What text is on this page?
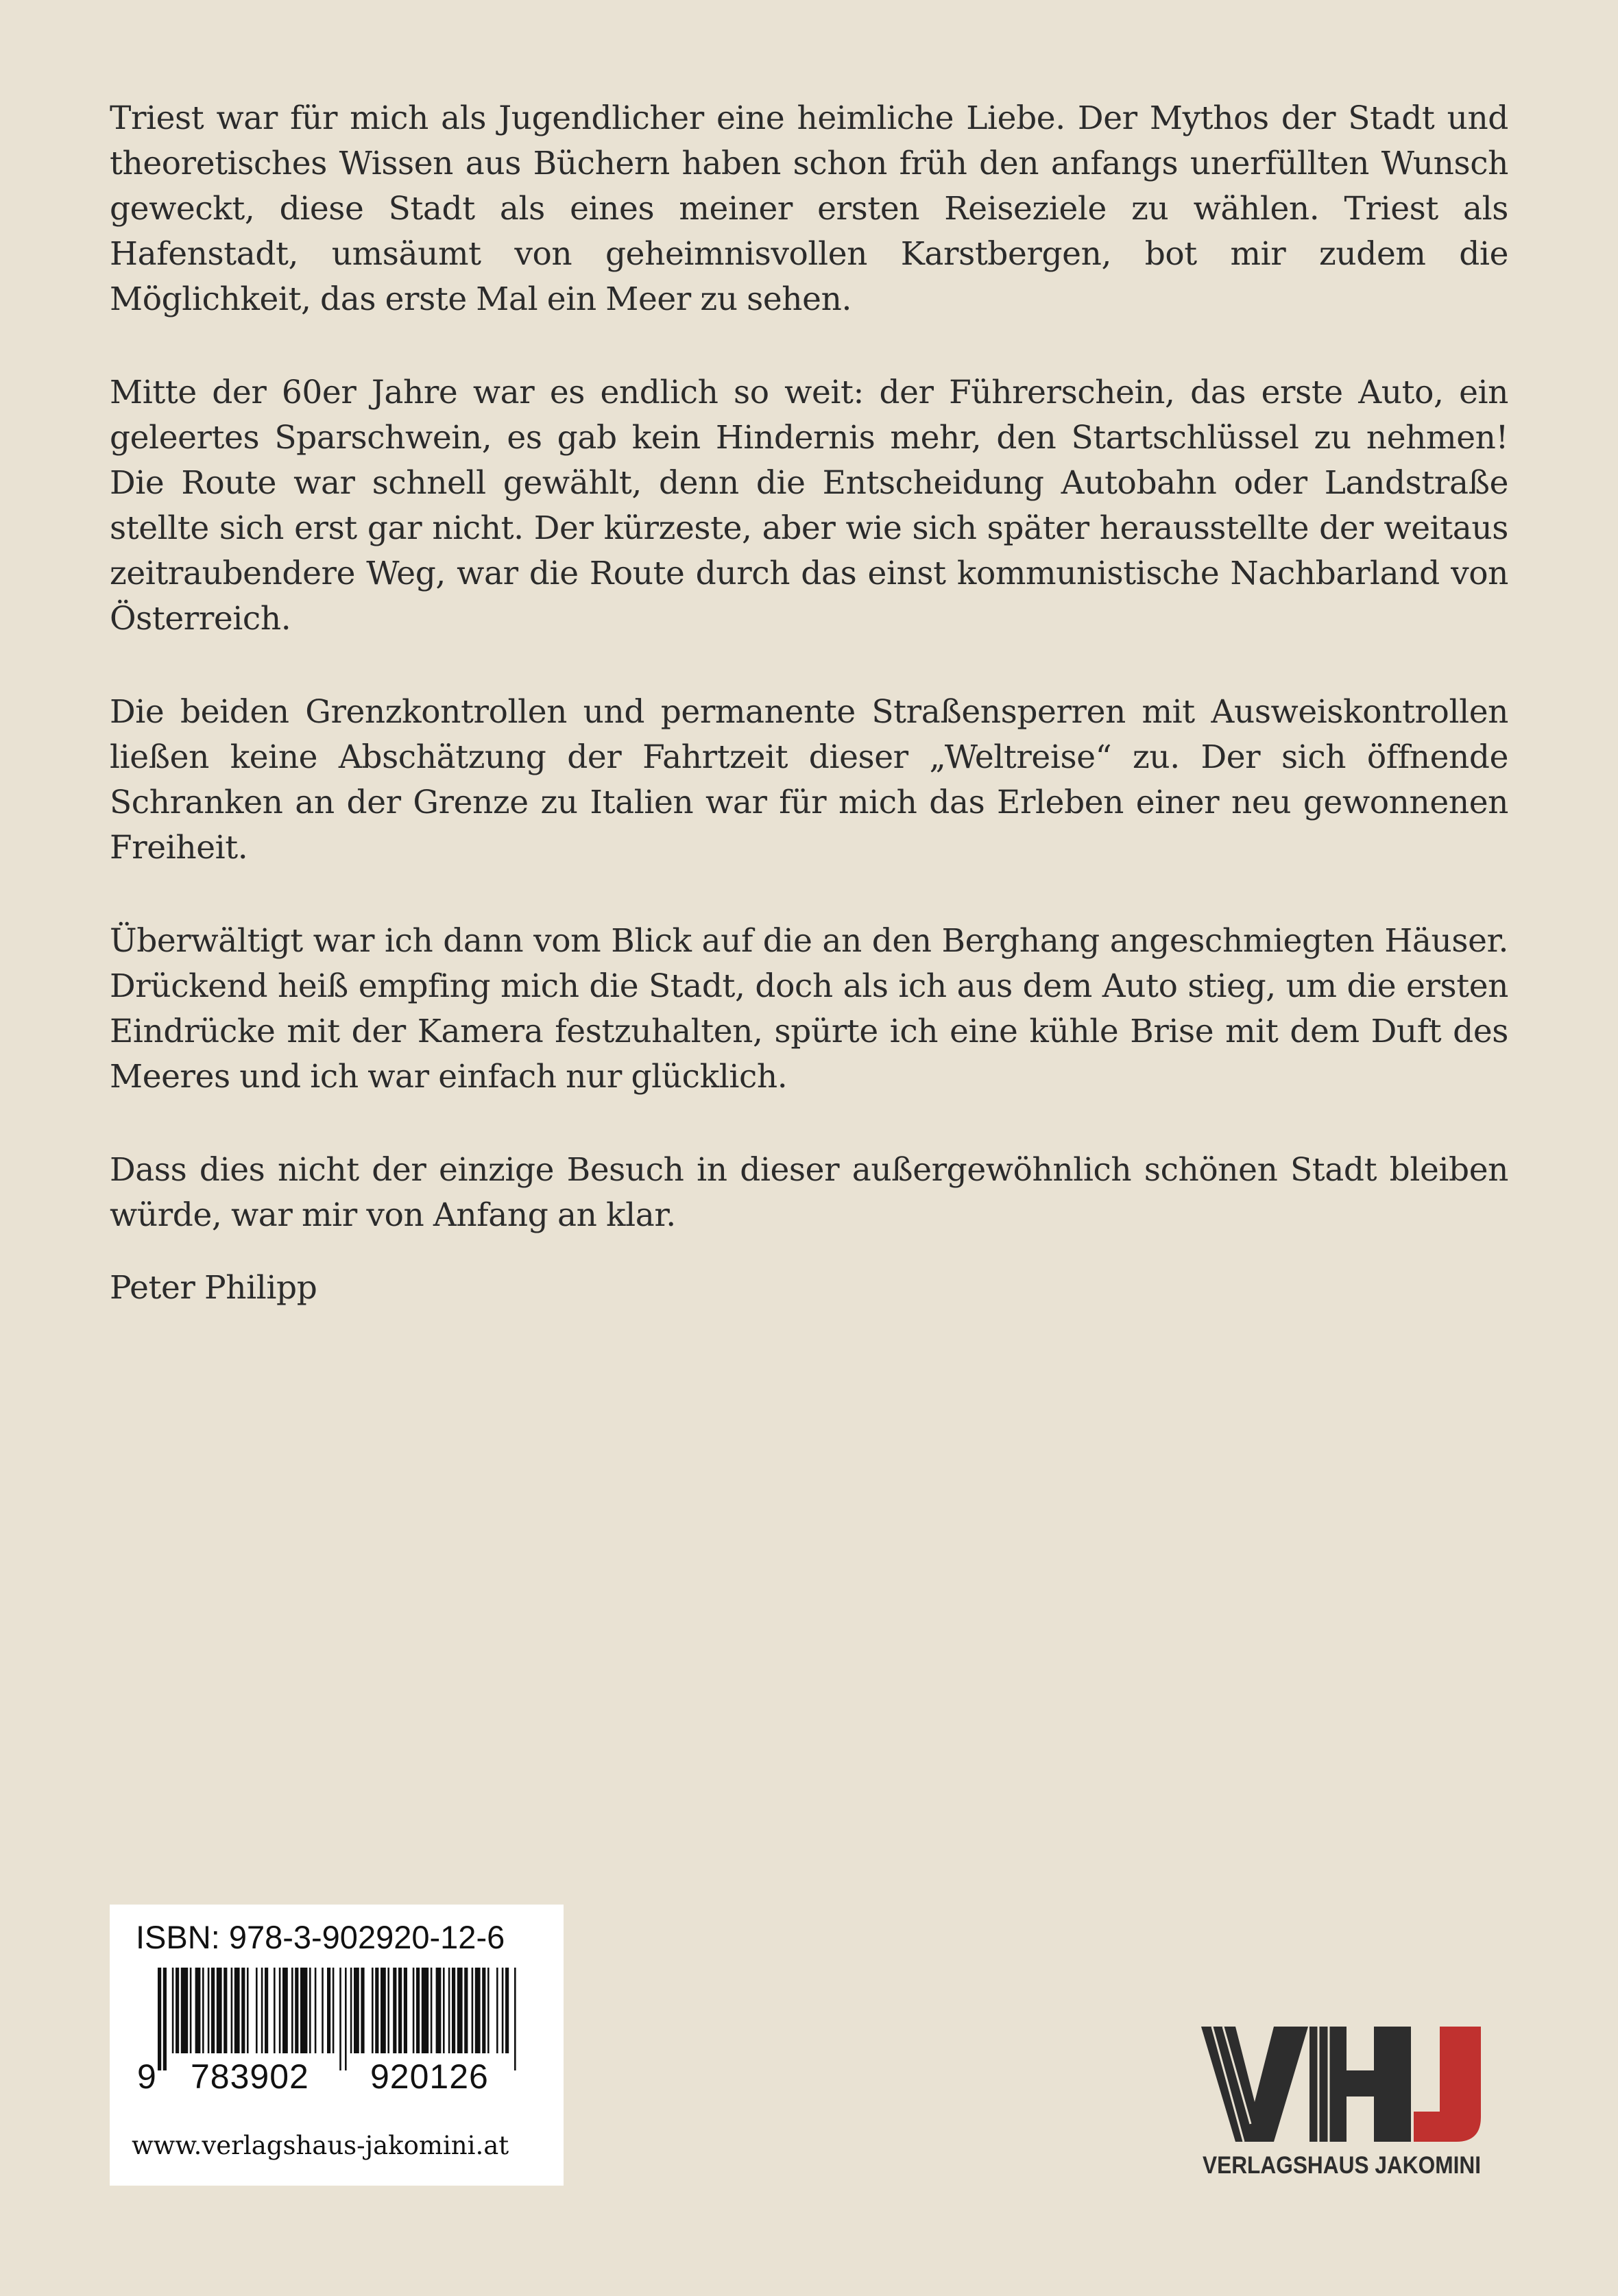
Triest war für mich als Jugendlicher eine heimliche Liebe. Der Mythos der Stadt und theoretisches Wissen aus Büchern haben schon früh den anfangs unerfüllten Wunsch geweckt, diese Stadt als eines meiner ersten Reiseziele zu wählen. Triest als Hafenstadt, umsäumt von geheimnisvollen Karstbergen, bot mir zudem die Möglichkeit, das erste Mal ein Meer zu sehen.

Mitte der 60er Jahre war es endlich so weit: der Führerschein, das erste Auto, ein geleertes Sparschwein, es gab kein Hindernis mehr, den Startschlüssel zu nehmen! Die Route war schnell gewählt, denn die Entscheidung Autobahn oder Landstraße stellte sich erst gar nicht. Der kürzeste, aber wie sich später herausstellte der weitaus zeitraubendere Weg, war die Route durch das einst kommunistische Nachbarland von Österreich.

Die beiden Grenzkontrollen und permanente Straßensperren mit Ausweiskontrollen ließen keine Abschätzung der Fahrtzeit dieser „Weltreise“ zu. Der sich öffnende Schranken an der Grenze zu Italien war für mich das Erleben einer neu gewonnenen Freiheit.

Überwältigt war ich dann vom Blick auf die an den Berghang angeschmiegten Häuser. Drückend heiß empfing mich die Stadt, doch als ich aus dem Auto stieg, um die ersten Eindrücke mit der Kamera festzuhalten, spürte ich eine kühle Brise mit dem Duft des Meeres und ich war einfach nur glücklich.

Dass dies nicht der einzige Besuch in dieser außergewöhnlich schönen Stadt bleiben würde, war mir von Anfang an klar.

Peter Philipp

ISBN: 978-3-902920-12-6
9 783902 920126
www.verlagshaus-jakomini.at
VERLAGSHAUS JAKOMINI
